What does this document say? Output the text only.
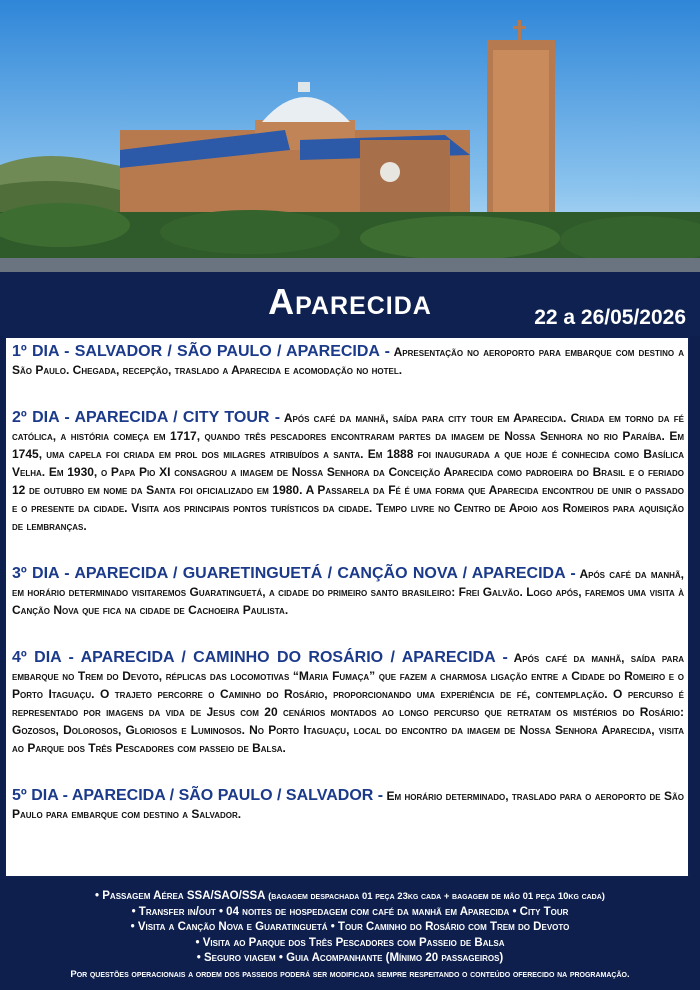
Aparecida	22 a 26/05/2026
1º DIA - SALVADOR / SÃO PAULO / APARECIDA - Apresentação no aeroporto para embarque com destino a São Paulo. Chegada, recepção, traslado a Aparecida e acomodação no hotel.
2º DIA - APARECIDA / CITY TOUR - Após café da manhã, saída para city tour em Aparecida. Criada em torno da fé católica, a história começa em 1717, quando três pescadores encontraram partes da imagem de Nossa Senhora no rio Paraíba. Em 1745, uma capela foi criada em prol dos milagres atribuídos a santa. Em 1888 foi inaugurada a que hoje é conhecida como Basílica Velha. Em 1930, o Papa Pio XI consagrou a imagem de Nossa Senhora da Conceição Aparecida como padroeira do Brasil e o feriado 12 de outubro em nome da Santa foi oficializado em 1980. A Passarela da Fé é uma forma que Aparecida encontrou de unir o passado e o presente da cidade. Visita aos principais pontos turísticos da cidade. Tempo livre no Centro de Apoio aos Romeiros para aquisição de lembranças.
3º DIA - APARECIDA / GUARETINGUETÁ / CANÇÃO NOVA / APARECIDA - Após café da manhã, em horário determinado visitaremos Guaratinguetá, a cidade do primeiro santo brasileiro: Frei Galvão. Logo após, faremos uma visita à Canção Nova que fica na cidade de Cachoeira Paulista.
4º DIA - APARECIDA / CAMINHO DO ROSÁRIO / APARECIDA - Após café da manhã, saída para embarque no Trem do Devoto, réplicas das locomotivas “Maria Fumaça” que fazem a charmosa ligação entre a Cidade do Romeiro e o Porto Itaguaçu. O trajeto percorre o Caminho do Rosário, proporcionando uma experiência de fé, contemplação. O percurso é representado por imagens da vida de Jesus com 20 cenários montados ao longo percurso que retratam os mistérios do Rosário: Gozosos, Dolorosos, Gloriosos e Luminosos. No Porto Itaguaçu, local do encontro da imagem de Nossa Senhora Aparecida, visita ao Parque dos Três Pescadores com passeio de Balsa.
5º DIA - APARECIDA / SÃO PAULO / SALVADOR - Em horário determinado, traslado para o aeroporto de São Paulo para embarque com destino a Salvador.
• Passagem Aérea SSA/SAO/SSA (bagagem despachada 01 peça 23kg cada + bagagem de mão 01 peça 10kg cada)
• Transfer in/out • 04 noites de hospedagem com café da manhã em Aparecida • City Tour
• Visita a Canção Nova e Guaratinguetá • Tour Caminho do Rosário com Trem do Devoto
• Visita ao Parque dos Três Pescadores com Passeio de Balsa
• Seguro viagem • Guia Acompanhante (Mínimo 20 passageiros)
Por questões operacionais a ordem dos passeios poderá ser modificada sempre respeitando o conteúdo oferecido na programação.
